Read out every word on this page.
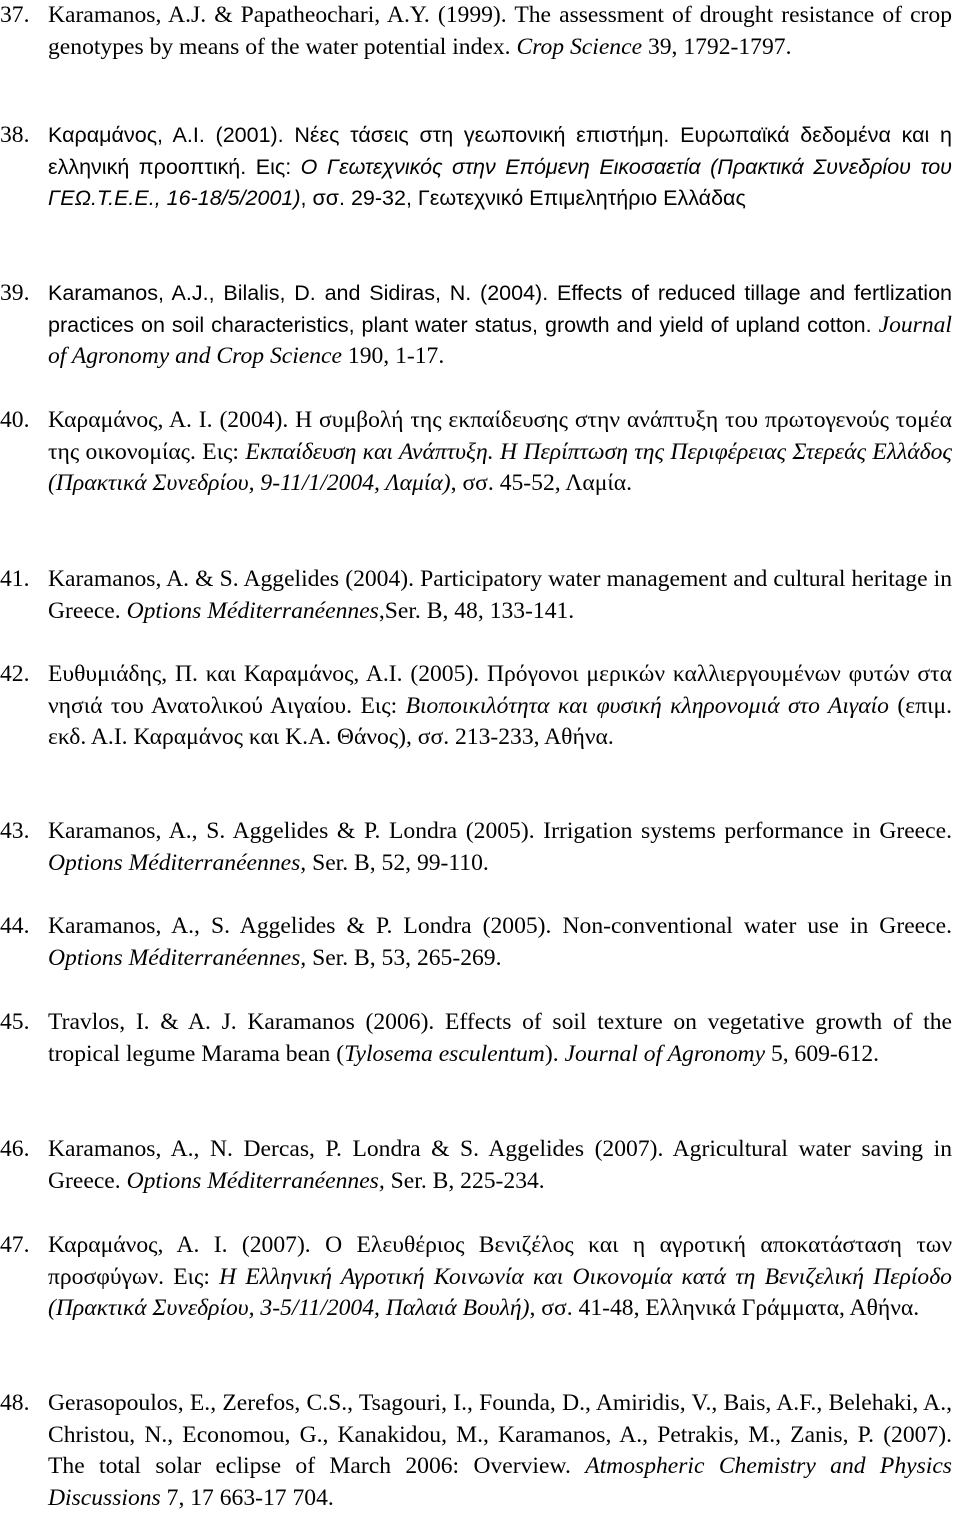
37. Karamanos, A.J. & Papatheochari, A.Y. (1999). The assessment of drought resistance of crop genotypes by means of the water potential index. Crop Science 39, 1792-1797.
38. Καραμάνος, Α.Ι. (2001). Νέες τάσεις στη γεωπονική επιστήμη. Ευρωπαϊκά δεδομένα και η ελληνική προοπτική. Εις: Ο Γεωτεχνικός στην Επόμενη Εικοσαετία (Πρακτικά Συνεδρίου του ΓΕΩ.Τ.Ε.Ε., 16-18/5/2001), σσ. 29-32, Γεωτεχνικό Επιμελητήριο Ελλάδας
39. Karamanos, A.J., Bilalis, D. and Sidiras, N. (2004). Effects of reduced tillage and fertlization practices on soil characteristics, plant water status, growth and yield of upland cotton. Journal of Agronomy and Crop Science 190, 1-17.
40. Καραμάνος, Α. Ι. (2004). Η συμβολή της εκπαίδευσης στην ανάπτυξη του πρωτογενούς τομέα της οικονομίας. Εις: Εκπαίδευση και Ανάπτυξη. Η Περίπτωση της Περιφέρειας Στερεάς Ελλάδος (Πρακτικά Συνεδρίου, 9-11/1/2004, Λαμία), σσ. 45-52, Λαμία.
41. Karamanos, A. & S. Aggelides (2004). Participatory water management and cultural heritage in Greece. Options Méditerranéennes,Ser. B, 48, 133-141.
42. Ευθυμιάδης, Π. και Καραμάνος, Α.Ι. (2005). Πρόγονοι μερικών καλλιεργουμένων φυτών στα νησιά του Ανατολικού Αιγαίου. Εις: Βιοποικιλότητα και φυσική κληρονομιά στο Αιγαίο (επιμ. εκδ. Α.Ι. Καραμάνος και Κ.Α. Θάνος), σσ. 213-233, Αθήνα.
43. Karamanos, A., S. Aggelides & P. Londra (2005). Irrigation systems performance in Greece. Options Méditerranéennes, Ser. B, 52, 99-110.
44. Karamanos, A., S. Aggelides & P. Londra (2005). Non-conventional water use in Greece. Options Méditerranéennes, Ser. B, 53, 265-269.
45. Travlos, I. & A. J. Karamanos (2006). Effects of soil texture on vegetative growth of the tropical legume Marama bean (Tylosema esculentum). Journal of Agronomy 5, 609-612.
46. Karamanos, A., N. Dercas, P. Londra & S. Aggelides (2007). Agricultural water saving in Greece. Options Méditerranéennes, Ser. B, 225-234.
47. Καραμάνος, Α. Ι. (2007). Ο Ελευθέριος Βενιζέλος και η αγροτική αποκατάσταση των προσφύγων. Εις: Η Ελληνική Αγροτική Κοινωνία και Οικονομία κατά τη Βενιζελική Περίοδο (Πρακτικά Συνεδρίου, 3-5/11/2004, Παλαιά Βουλή), σσ. 41-48, Ελληνικά Γράμματα, Αθήνα.
48. Gerasopoulos, E., Zerefos, C.S., Tsagouri, I., Founda, D., Amiridis, V., Bais, A.F., Belehaki, A., Christou, N., Economou, G., Kanakidou, M., Karamanos, A., Petrakis, M., Zanis, P. (2007). The total solar eclipse of March 2006: Overview. Atmospheric Chemistry and Physics Discussions 7, 17 663-17 704.
